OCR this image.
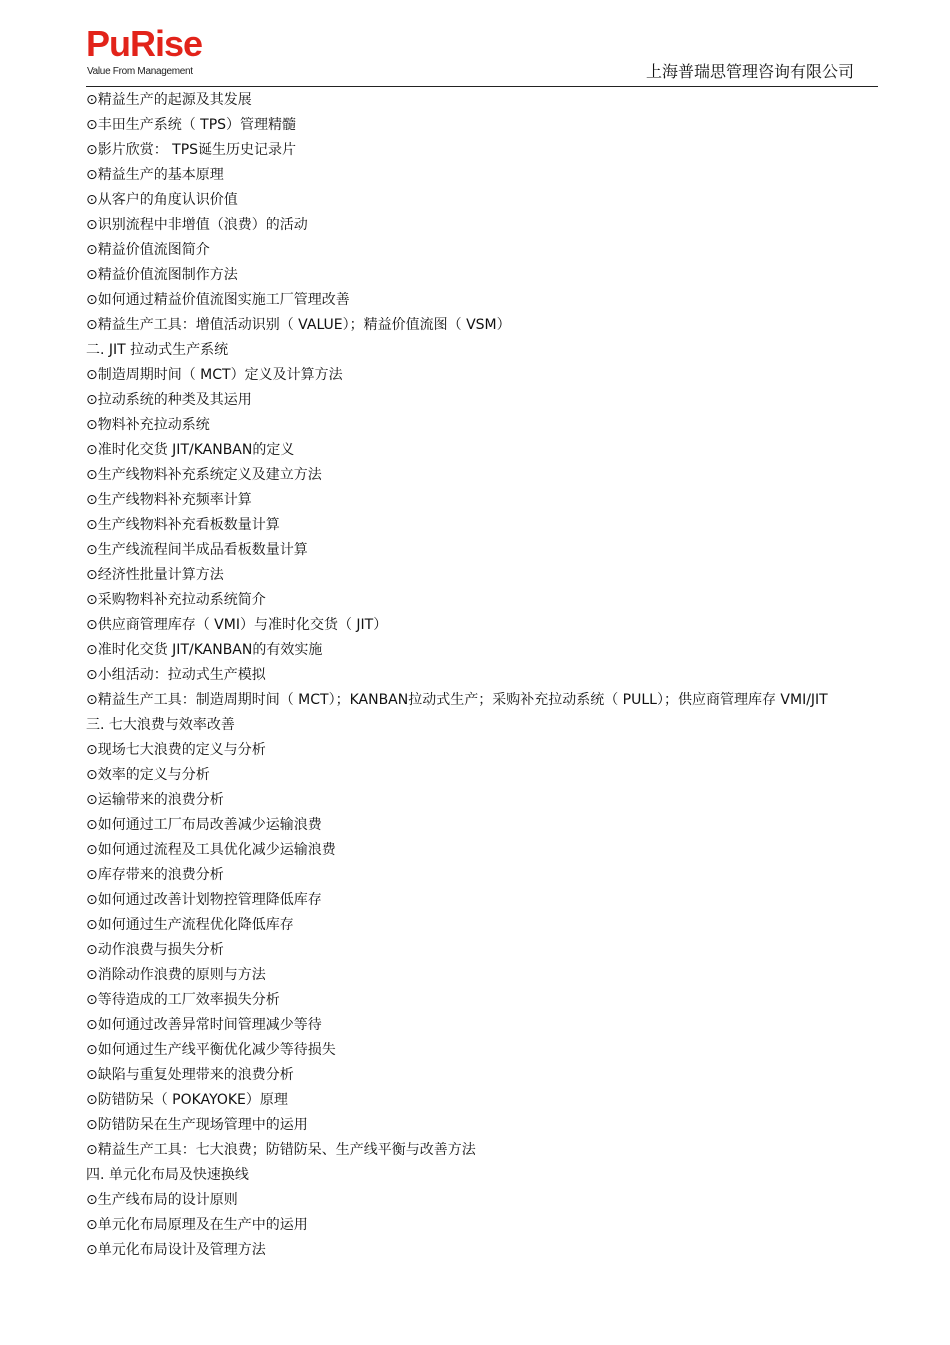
PuRise
Value From Management	上海普瑞思管理咨询有限公司
⊙精益生产的起源及其发展
⊙丰田生产系统（ TPS）管理精髓
⊙影片欣赏： TPS诞生历史记录片
⊙精益生产的基本原理
⊙从客户的角度认识价值
⊙识别流程中非增值（浪费）的活动
⊙精益价值流图简介
⊙精益价值流图制作方法
⊙如何通过精益价值流图实施工厂管理改善
⊙精益生产工具：增值活动识别（ VALUE）；精益价值流图（ VSM）
二. JIT 拉动式生产系统
⊙制造周期时间（ MCT）定义及计算方法
⊙拉动系统的种类及其运用
⊙物料补充拉动系统
⊙准时化交货 JIT/KANBAN的定义
⊙生产线物料补充系统定义及建立方法
⊙生产线物料补充频率计算
⊙生产线物料补充看板数量计算
⊙生产线流程间半成品看板数量计算
⊙经济性批量计算方法
⊙采购物料补充拉动系统简介
⊙供应商管理库存（ VMI）与准时化交货（ JIT）
⊙准时化交货 JIT/KANBAN的有效实施
⊙小组活动：拉动式生产模拟
⊙精益生产工具：制造周期时间（ MCT）；KANBAN拉动式生产；采购补充拉动系统（ PULL）；供应商管理库存 VMI/JIT
三. 七大浪费与效率改善
⊙现场七大浪费的定义与分析
⊙效率的定义与分析
⊙运输带来的浪费分析
⊙如何通过工厂布局改善减少运输浪费
⊙如何通过流程及工具优化减少运输浪费
⊙库存带来的浪费分析
⊙如何通过改善计划物控管理降低库存
⊙如何通过生产流程优化降低库存
⊙动作浪费与损失分析
⊙消除动作浪费的原则与方法
⊙等待造成的工厂效率损失分析
⊙如何通过改善异常时间管理减少等待
⊙如何通过生产线平衡优化减少等待损失
⊙缺陷与重复处理带来的浪费分析
⊙防错防呆（ POKAYOKE）原理
⊙防错防呆在生产现场管理中的运用
⊙精益生产工具：七大浪费；防错防呆、生产线平衡与改善方法
四. 单元化布局及快速换线
⊙生产线布局的设计原则
⊙单元化布局原理及在生产中的运用
⊙单元化布局设计及管理方法
